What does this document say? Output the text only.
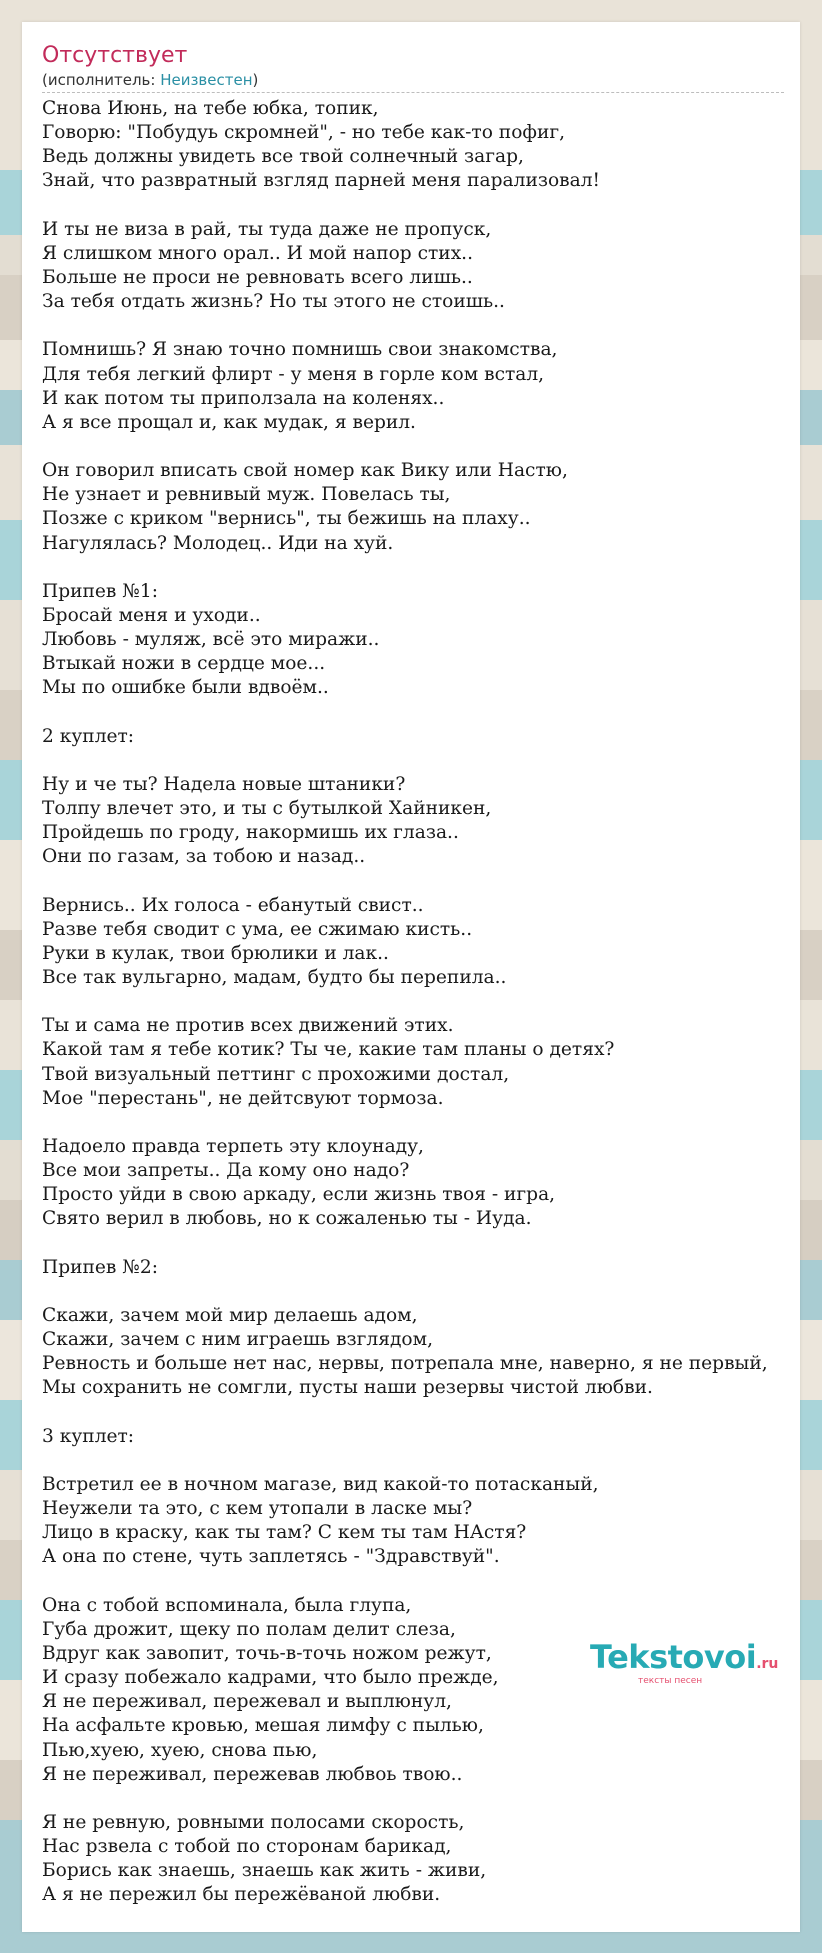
Отсутствует
(исполнитель: Неизвестен)
Снова Июнь, на тебе юбка, топик,
Говорю: "Побудуь скромней", - но тебе как-то пофиг,
Ведь должны увидеть все твой солнечный загар,
Знай, что развратный взгляд парней меня парализовал!
И ты не виза в рай, ты туда даже не пропуск,
Я слишком много орал.. И мой напор стих..
Больше не проси не ревновать всего лишь..
За тебя отдать жизнь? Но ты этого не стоишь..
Помнишь? Я знаю точно помнишь свои знакомства,
Для тебя легкий флирт - у меня в горле ком встал,
И как потом ты приползала на коленях..
А я все прощал и, как мудак, я верил.
Он говорил вписать свой номер как Вику или Настю,
Не узнает и ревнивый муж. Повелась ты,
Позже с криком "вернись", ты бежишь на плаху..
Нагулялась? Молодец.. Иди на хуй.
Припев №1:
Бросай меня и уходи..
Любовь - муляж, всё это миражи..
Втыкай ножи в сердце мое...
Мы по ошибке были вдвоём..
2 куплет:
Ну и че ты? Надела новые штаники?
Толпу влечет это, и ты с бутылкой Хайникен,
Пройдешь по гроду, накормишь их глаза..
Они по газам, за тобою и назад..
Вернись.. Их голоса - ебанутый свист..
Разве тебя сводит с ума, ее сжимаю кисть..
Руки в кулак, твои брюлики и лак..
Все так вульгарно, мадам, будто бы перепила..
Ты и сама не против всех движений этих.
Какой там я тебе котик? Ты че, какие там планы о детях?
Твой визуальный петтинг с прохожими достал,
Мое "перестань", не дейтсвуют тормоза.
Надоело правда терпеть эту клоунаду,
Все мои запреты.. Да кому оно надо?
Просто уйди в свою аркаду, если жизнь твоя - игра,
Свято верил в любовь, но к сожаленью ты - Иуда.
Припев №2:
Скажи, зачем мой мир делаешь адом,
Скажи, зачем с ним играешь взглядом,
Ревность и больше нет нас, нервы, потрепала мне, наверно, я не первый,
Мы сохранить не сомгли, пусты наши резервы чистой любви.
3 куплет:
Встретил ее в ночном магазе, вид какой-то потасканый,
Неужели та это, с кем утопали в ласке мы?
Лицо в краску, как ты там? С кем ты там НАстя?
А она по стене, чуть заплетясь - "Здравствуй".
Она с тобой вспоминала, была глупа,
Губа дрожит, щеку по полам делит слеза,
Вдруг как завопит, точь-в-точь ножом режут,
И сразу побежало кадрами, что было прежде,
Я не переживал, пережевал и выплюнул,
На асфальте кровью, мешая лимфу с пылью,
Пью,хуею, хуею, снова пью,
Я не переживал, пережевав любвоь твою..
Я не ревную, ровными полосами скорость,
Нас рзвела с тобой по сторонам барикад,
Борись как знаешь, знаешь как жить - живи,
А я не пережил бы пережёваной любви.
Tekstovoi.ru
тексты песен
